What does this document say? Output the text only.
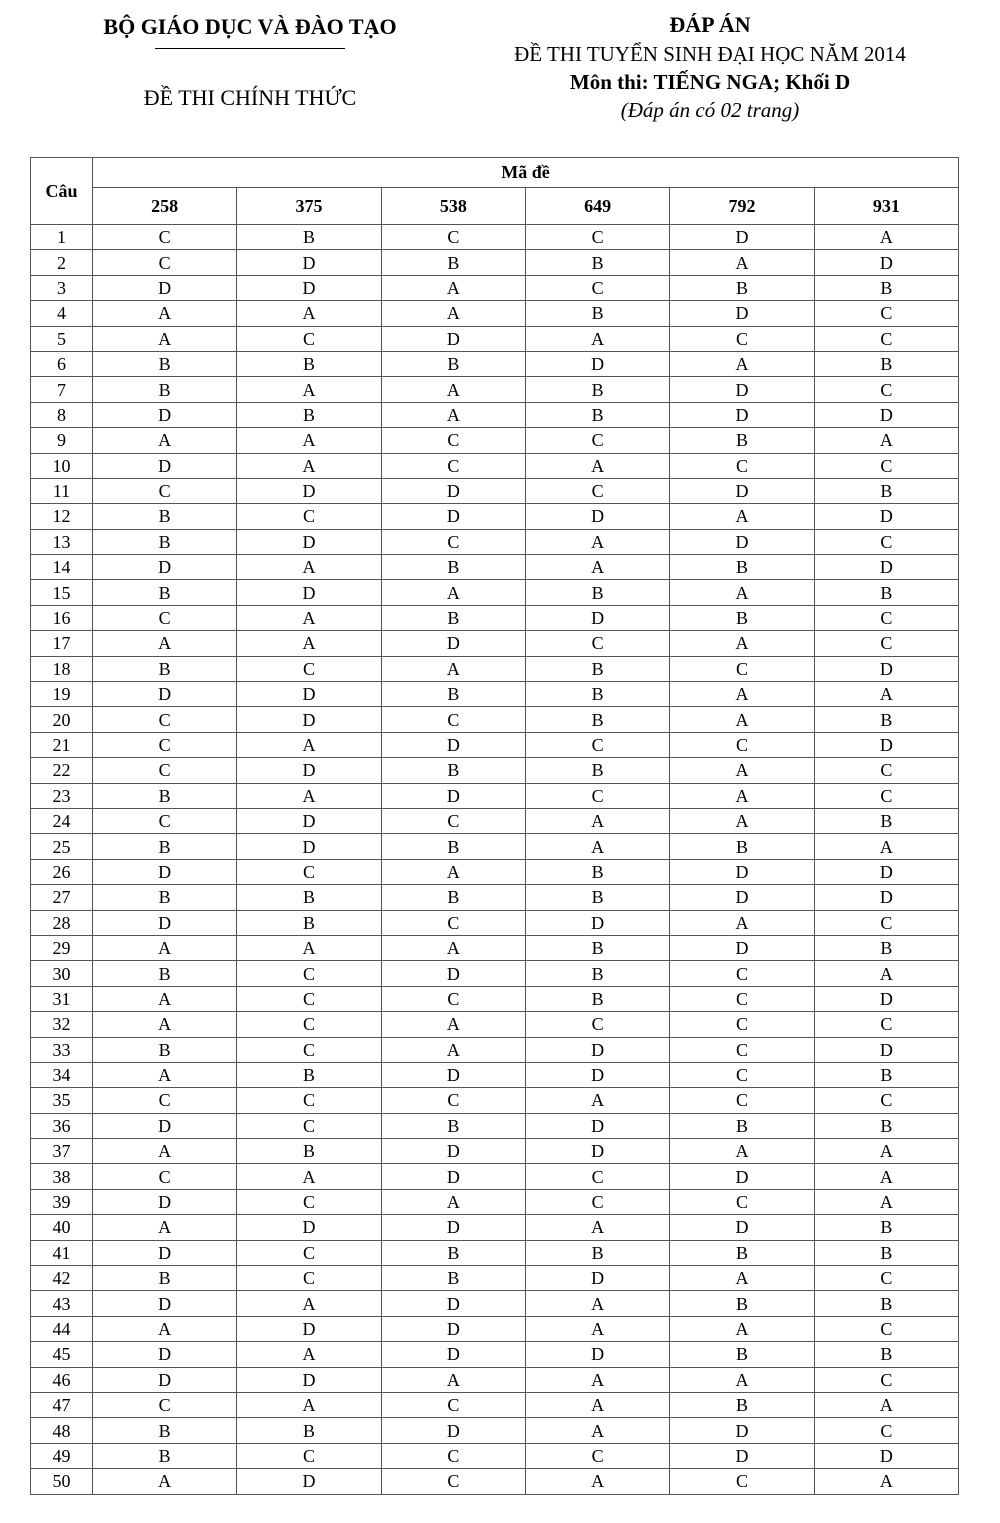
BỘ GIÁO DỤC VÀ ĐÀO TẠO
ĐỀ THI CHÍNH THỨC
ĐÁP ÁN
ĐỀ THI TUYỂN SINH ĐẠI HỌC NĂM 2014
Môn thi: TIẾNG NGA; Khối D
(Đáp án có 02 trang)
Câu	Mã đề					
	258	375	538	649	792	931
1	C	B	C	C	D	A
2	C	D	B	B	A	D
3	D	D	A	C	B	B
4	A	A	A	B	D	C
5	A	C	D	A	C	C
6	B	B	B	D	A	B
7	B	A	A	B	D	C
8	D	B	A	B	D	D
9	A	A	C	C	B	A
10	D	A	C	A	C	C
11	C	D	D	C	D	B
12	B	C	D	D	A	D
13	B	D	C	A	D	C
14	D	A	B	A	B	D
15	B	D	A	B	A	B
16	C	A	B	D	B	C
17	A	A	D	C	A	C
18	B	C	A	B	C	D
19	D	D	B	B	A	A
20	C	D	C	B	A	B
21	C	A	D	C	C	D
22	C	D	B	B	A	C
23	B	A	D	C	A	C
24	C	D	C	A	A	B
25	B	D	B	A	B	A
26	D	C	A	B	D	D
27	B	B	B	B	D	D
28	D	B	C	D	A	C
29	A	A	A	B	D	B
30	B	C	D	B	C	A
31	A	C	C	B	C	D
32	A	C	A	C	C	C
33	B	C	A	D	C	D
34	A	B	D	D	C	B
35	C	C	C	A	C	C
36	D	C	B	D	B	B
37	A	B	D	D	A	A
38	C	A	D	C	D	A
39	D	C	A	C	C	A
40	A	D	D	A	D	B
41	D	C	B	B	B	B
42	B	C	B	D	A	C
43	D	A	D	A	B	B
44	A	D	D	A	A	C
45	D	A	D	D	B	B
46	D	D	A	A	A	C
47	C	A	C	A	B	A
48	B	B	D	A	D	C
49	B	C	C	C	D	D
50	A	D	C	A	C	A
